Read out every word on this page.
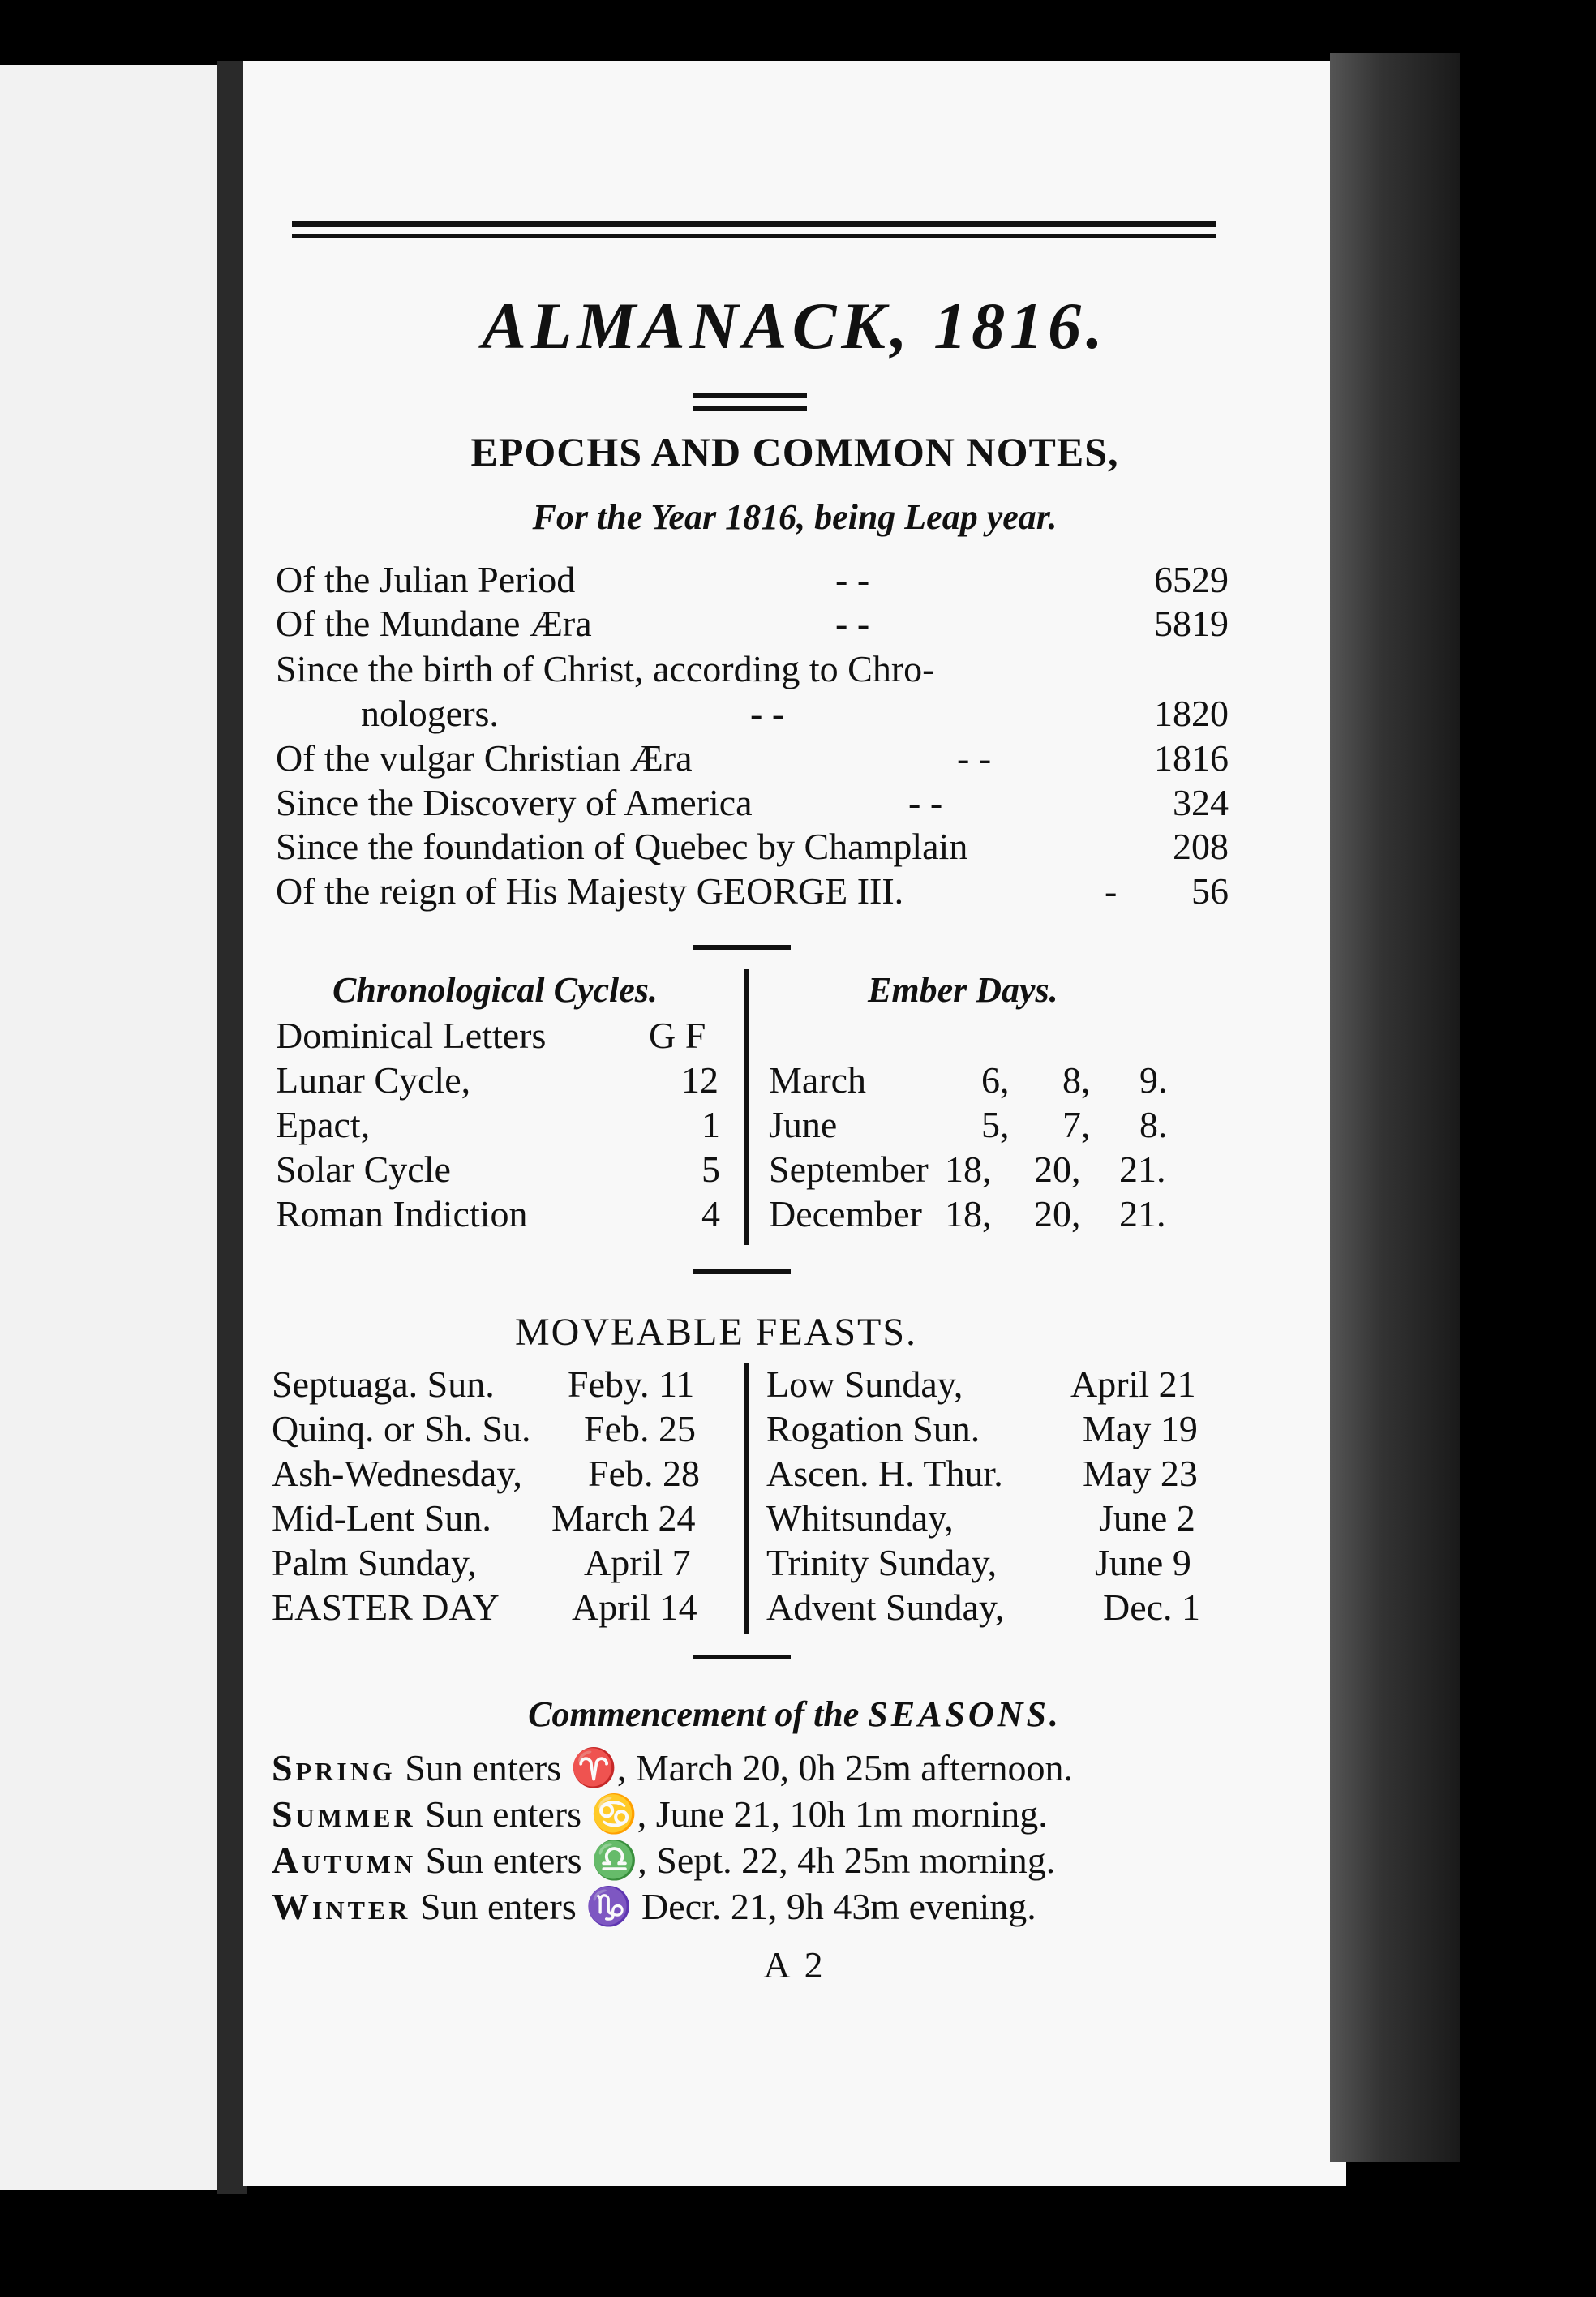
ALMANACK, 1816.
EPOCHS AND COMMON NOTES,
For the Year 1816, being Leap year.
Of the Julian Period	- -	6529
Of the Mundane Æra	- -	5819
Since the birth of Christ, according to Chro-
nologers.	- -	1820
Of the vulgar Christian Æra	- -	1816
Since the Discovery of America	- -	324
Since the foundation of Quebec by Champlain	208
Of the reign of His Majesty GEORGE III.	- 56
Chronological Cycles.	Ember Days.
Dominical Letters	G F
Lunar Cycle,	12
Epact,	1
Solar Cycle	5
Roman Indiction	4
March	6, 8, 9.
June	5, 7, 8.
September 18, 20, 21.
December 18, 20, 21.
MOVEABLE FEASTS.
Septuaga. Sun. Feby. 11
Quinq. or Sh. Su. Feb. 25
Ash-Wednesday, Feb. 28
Mid-Lent Sun. March 24
Palm Sunday,	April 7
EASTER DAY April 14
Low Sunday,	April 21
Rogation Sun.	May 19
Ascen. H. Thur. May 23
Whitsunday,	June 2
Trinity Sunday,	June 9
Advent Sunday,	Dec. 1
Commencement of the SEASONS.
Spring Sun enters ♈, March 20, 0h 25m afternoon.
Summer Sun enters ♋, June 21, 10h 1m morning.
Autumn Sun enters ♎, Sept. 22, 4h 25m morning.
Winter Sun enters ♑ Decr. 21, 9h 43m evening.
A 2
